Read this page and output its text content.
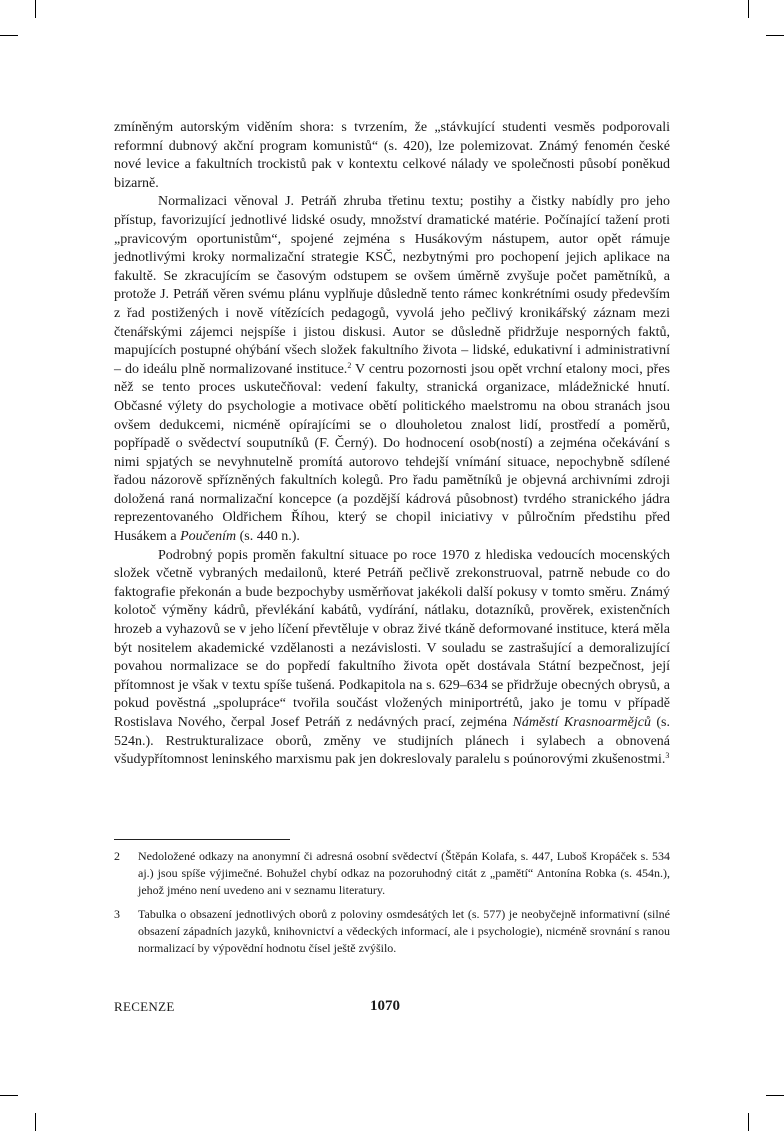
zmíněným autorským viděním shora: s tvrzením, že „stávkující studenti vesměs podporovali reformní dubnový akční program komunistů“ (s. 420), lze polemizovat. Známý fenomén české nové levice a fakultních trockistů pak v kontextu celkové nálady ve společnosti působí poněkud bizarně.

Normalizaci věnoval J. Petráň zhruba třetinu textu; postihy a čistky nabídly pro jeho přístup, favorizující jednotlivé lidské osudy, množství dramatické matérie. Počínající tažení proti „pravicovým oportunistům“, spojené zejména s Husákovým nástupem, autor opět rámuje jednotlivými kroky normalizační strategie KSČ, nezbytnými pro pochopení jejich aplikace na fakultě. Se zkracujícím se časovým odstupem se ovšem úměrně zvyšuje počet pamětníků, a protože J. Petráň věren svému plánu vyplňuje důsledně tento rámec konkrétními osudy především z řad postižených i nově vítězících pedagogů, vyvolá jeho pečlivý kronikářský záznam mezi čtenářskými zájemci nejspíše i jistou diskusi. Autor se důsledně přidržuje nesporných faktů, mapujících postupné ohýbání všech složek fakultního života – lidské, edukativní i administrativní – do ideálu plně normalizované instituce.$^2$ V centru pozornosti jsou opět vrchní etalony moci, přes něž se tento proces uskutečňoval: vedení fakulty, stranická organizace, mládežnické hnutí. Občasné výlety do psychologie a motivace obětí politického maelstromu na obou stranách jsou ovšem dedukcemi, nicméně opírajícími se o dlouholetou znalost lidí, prostředí a poměrů, popřípadě o svědectví souputníků (F. Černý). Do hodnocení osob(ností) a zejména očekávání s nimi spjatých se nevyhnutelně promítá autorovo tehdejší vnímání situace, nepochybně sdílené řadou názorově spřízněných fakultních kolegů. Pro řadu pamětníků je objevná archivními zdroji doložená raná normalizační koncepce (a pozdější kádrová působnost) tvrdého stranického jádra reprezentovaného Oldřichem Říhou, který se chopil iniciativy v půlročním předstihu před Husákem a Poučením (s. 440 n.).

Podrobný popis proměn fakultní situace po roce 1970 z hlediska vedoucích mocenských složek včetně vybraných medailonů, které Petráň pečlivě zrekonstruoval, patrně nebude co do faktografie překonán a bude bezpochyby usměrňovat jakékoli další pokusy v tomto směru. Známý kolotoč výměny kádrů, převlékání kabátů, vydírání, nátlaku, dotazníků, prověrek, existenčních hrozeb a vyhazovů se v jeho líčení převtěluje v obraz živé tkáně deformované instituce, která měla být nositelem akademické vzdělanosti a nezávislosti. V souladu se zastrašující a demoralizující povahou normalizace se do popředí fakultního života opět dostávala Státní bezpečnost, její přítomnost je však v textu spíše tušená. Podkapitola na s. 629–634 se přidržuje obecných obrysů, a pokud pověstná „spolupráce“ tvořila součást vložených miniportrétů, jako je tomu v případě Rostislava Nového, čerpal Josef Petráň z nedávných prací, zejména Náměstí Krasnoarmějců (s. 524n.). Restrukturalizace oborů, změny ve studijních plánech i sylabech a obnovená všudypřítomnost leninského marxismu pak jen dokreslovaly paralelu s poúnorovými zkušenostmi.$^3$

2	Nedoložené odkazy na anonymní či adresná osobní svědectví (Štěpán Kolafa, s. 447, Luboš Kropáček s. 534 aj.) jsou spíše výjimečné. Bohužel chybí odkaz na pozoruhodný citát z „pamětí“ Antonína Robka (s. 454n.), jehož jméno není uvedeno ani v seznamu literatury.
3	Tabulka o obsazení jednotlivých oborů z poloviny osmdesátých let (s. 577) je neobyčejně informativní (silné obsazení západních jazyků, knihovnictví a vědeckých informací, ale i psychologie), nicméně srovnání s ranou normalizací by výpovědní hodnotu čísel ještě zvýšilo.
RECENZE	1070
